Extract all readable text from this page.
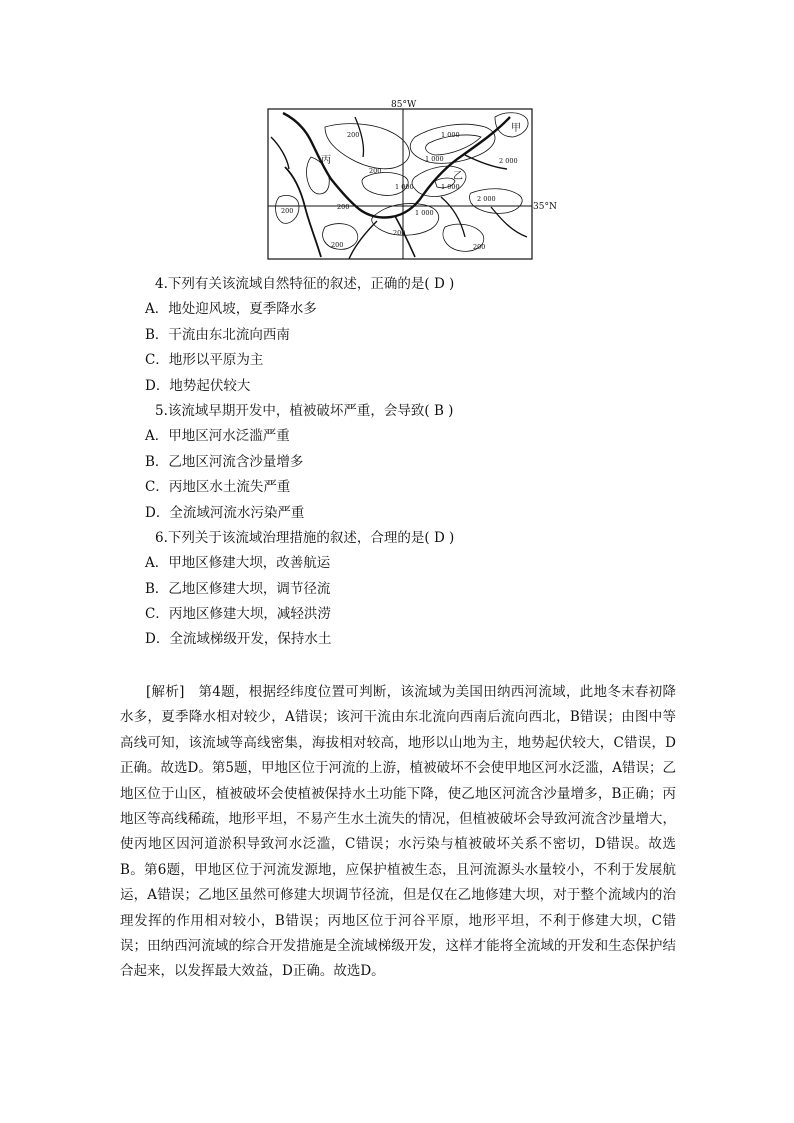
85°W
35°N
甲
乙
丙
200
200
200
200
200	200
200
1 000
1 000
1 000
1 000
2 000
2 000
1 000
4.下列有关该流域自然特征的叙述，正确的是( D )
A．地处迎风坡，夏季降水多
B．干流由东北流向西南
C．地形以平原为主
D．地势起伏较大
5.该流域早期开发中，植被破坏严重，会导致( B )
A．甲地区河水泛滥严重
B．乙地区河流含沙量增多
C．丙地区水土流失严重
D．全流域河流水污染严重
6.下列关于该流域治理措施的叙述，合理的是( D )
A．甲地区修建大坝，改善航运
B．乙地区修建大坝，调节径流
C．丙地区修建大坝，减轻洪涝
D．全流域梯级开发，保持水土
[解析]　第4题，根据经纬度位置可判断，该流域为美国田纳西河流域，此地冬末春初降水多，夏季降水相对较少，A错误；该河干流由东北流向西南后流向西北，B错误；由图中等高线可知，该流域等高线密集，海拔相对较高，地形以山地为主，地势起伏较大，C错误，D正确。故选D。第5题，甲地区位于河流的上游，植被破坏不会使甲地区河水泛滥，A错误；乙地区位于山区，植被破坏会使植被保持水土功能下降，使乙地区河流含沙量增多，B正确；丙地区等高线稀疏，地形平坦，不易产生水土流失的情况，但植被破坏会导致河流含沙量增大，使丙地区因河道淤积导致河水泛滥，C错误；水污染与植被破坏关系不密切，D错误。故选B。第6题，甲地区位于河流发源地，应保护植被生态，且河流源头水量较小，不利于发展航运，A错误；乙地区虽然可修建大坝调节径流，但是仅在乙地修建大坝，对于整个流域内的治理发挥的作用相对较小，B错误；丙地区位于河谷平原，地形平坦，不利于修建大坝，C错误；田纳西河流域的综合开发措施是全流域梯级开发，这样才能将全流域的开发和生态保护结合起来，以发挥最大效益，D正确。故选D。
